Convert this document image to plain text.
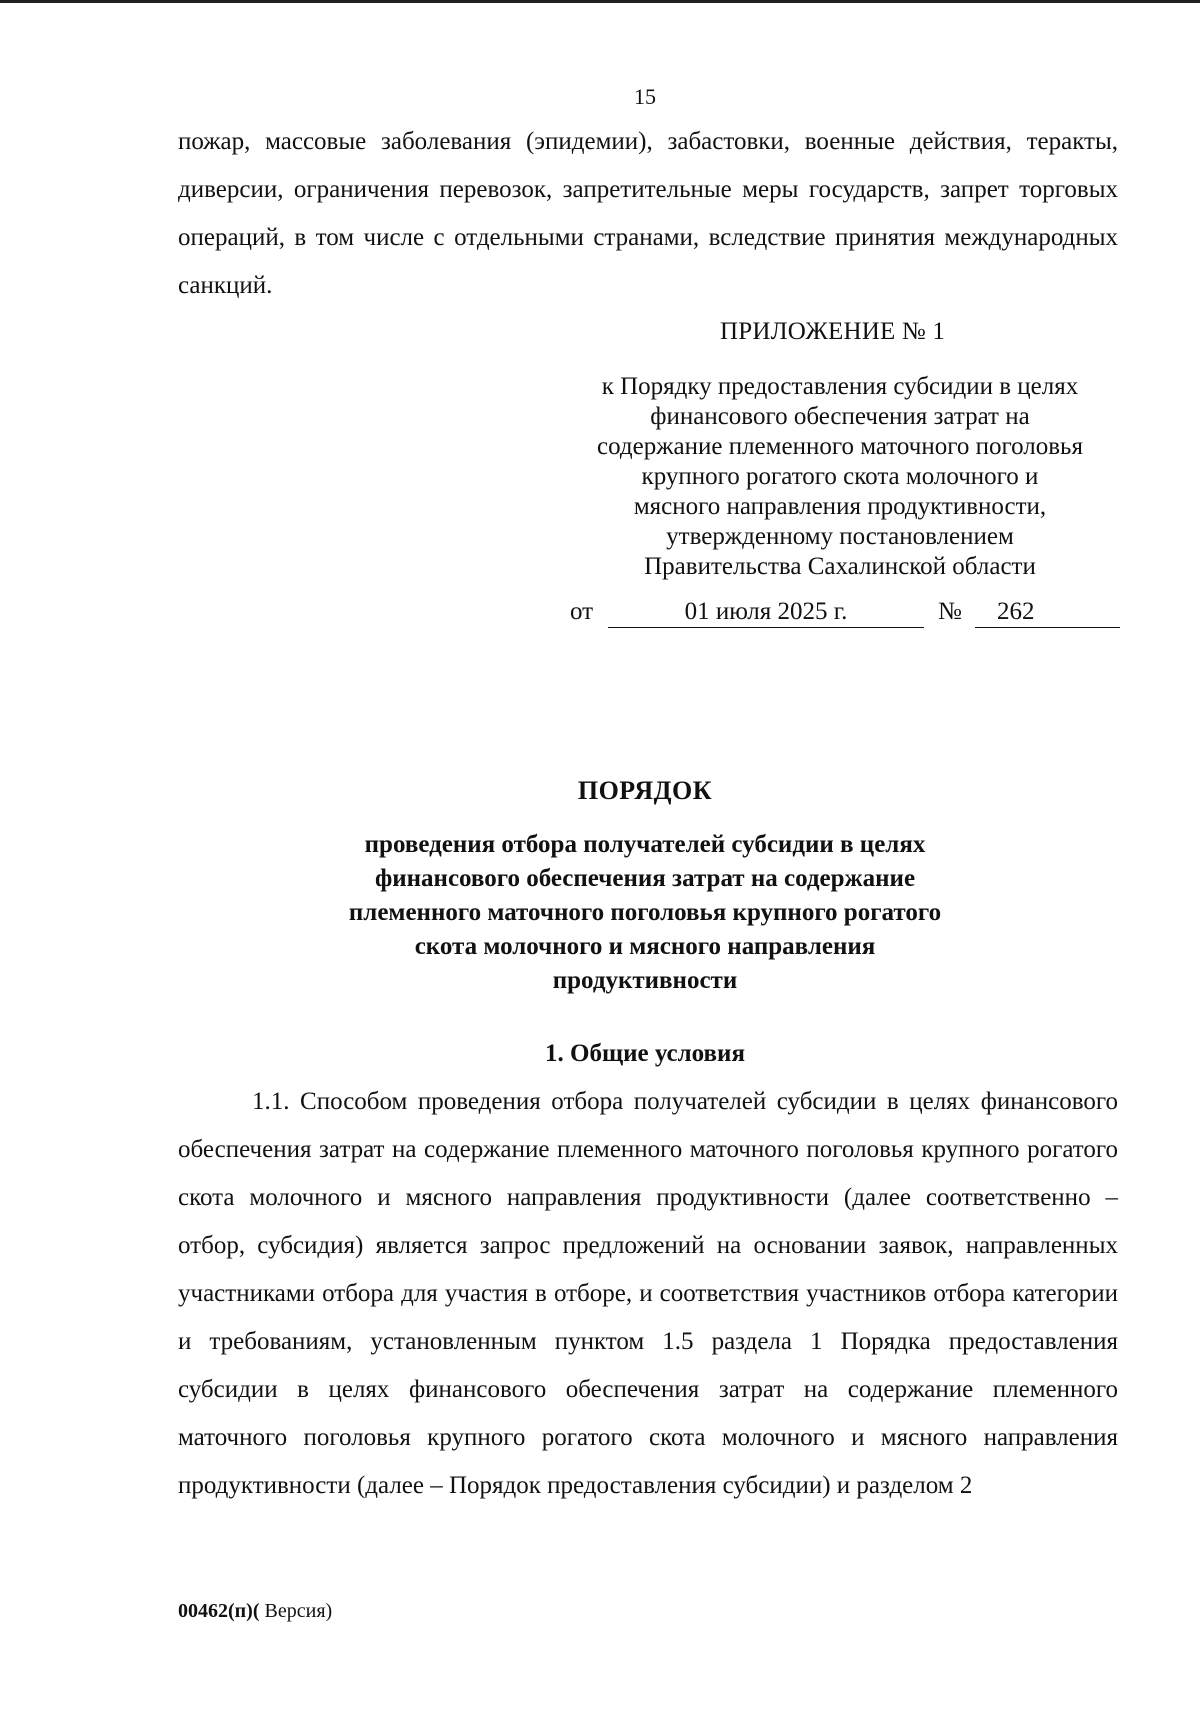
15

пожар, массовые заболевания (эпидемии), забастовки, военные действия, теракты, диверсии, ограничения перевозок, запретительные меры государств, запрет торговых операций, в том числе с отдельными странами, вследствие принятия международных санкций.

ПРИЛОЖЕНИЕ № 1
к Порядку предоставления субсидии в целях
финансового обеспечения затрат на
содержание племенного маточного поголовья
крупного рогатого скота молочного и
мясного направления продуктивности,
утвержденному постановлением
Правительства Сахалинской области
от	01 июля 2025 г.	№ 262
ПОРЯДОК
проведения отбора получателей субсидии в целях
финансового обеспечения затрат на содержание
племенного маточного поголовья крупного рогатого
скота молочного и мясного направления
продуктивности
1. Общие условия

1.1. Способом проведения отбора получателей субсидии в целях финансового обеспечения затрат на содержание племенного маточного поголовья крупного рогатого скота молочного и мясного направления продуктивности (далее соответственно – отбор, субсидия) является запрос предложений на основании заявок, направленных участниками отбора для участия в отборе, и соответствия участников отбора категории и требованиям, установленным пунктом 1.5 раздела 1 Порядка предоставления субсидии в целях финансового обеспечения затрат на содержание племенного маточного поголовья крупного рогатого скота молочного и мясного направления продуктивности (далее – Порядок предоставления субсидии) и разделом 2

00462(п)( Версия)
